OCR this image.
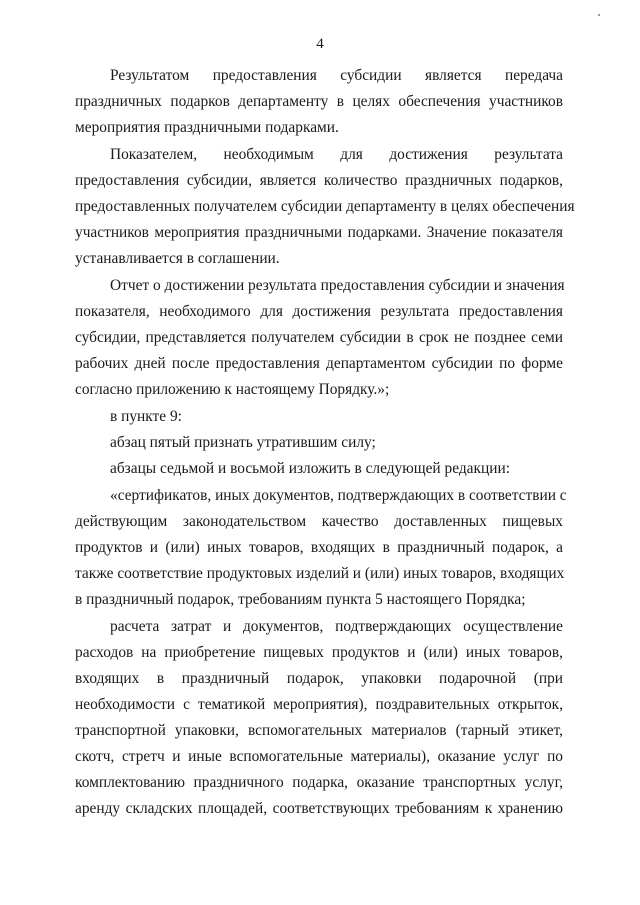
4
Результатом предоставления субсидии является передача
праздничных подарков департаменту в целях обеспечения участников
мероприятия праздничными подарками.
Показателем, необходимым для достижения результата
предоставления субсидии, является количество праздничных подарков,
предоставленных получателем субсидии департаменту в целях обеспечения
участников мероприятия праздничными подарками. Значение показателя
устанавливается в соглашении.
Отчет о достижении результата предоставления субсидии и значения
показателя, необходимого для достижения результата предоставления
субсидии, представляется получателем субсидии в срок не позднее семи
рабочих дней после предоставления департаментом субсидии по форме
согласно приложению к настоящему Порядку.»;
в пункте 9:
абзац пятый признать утратившим силу;
абзацы седьмой и восьмой изложить в следующей редакции:
«сертификатов, иных документов, подтверждающих в соответствии с
действующим законодательством качество доставленных пищевых
продуктов и (или) иных товаров, входящих в праздничный подарок, а
также соответствие продуктовых изделий и (или) иных товаров, входящих
в праздничный подарок, требованиям пункта 5 настоящего Порядка;
расчета затрат и документов, подтверждающих осуществление
расходов на приобретение пищевых продуктов и (или) иных товаров,
входящих в праздничный подарок, упаковки подарочной (при
необходимости с тематикой мероприятия), поздравительных открыток,
транспортной упаковки, вспомогательных материалов (тарный этикет,
скотч, стретч и иные вспомогательные материалы), оказание услуг по
комплектованию праздничного подарка, оказание транспортных услуг,
аренду складских площадей, соответствующих требованиям к хранению
